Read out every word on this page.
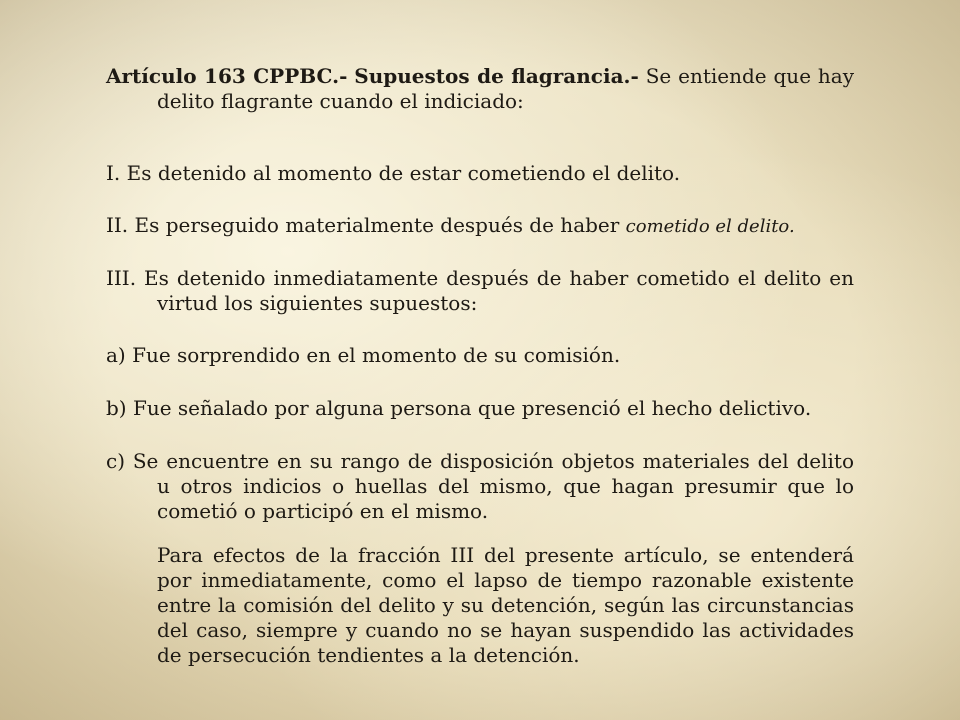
Artículo 163 CPPBC.- Supuestos de flagrancia.- Se entiende que hay delito flagrante cuando el indiciado:

I. Es detenido al momento de estar cometiendo el delito.

II. Es perseguido materialmente después de haber cometido el delito.

III. Es detenido inmediatamente después de haber cometido el delito en virtud los siguientes supuestos:

a) Fue sorprendido en el momento de su comisión.

b) Fue señalado por alguna persona que presenció el hecho delictivo.

c) Se encuentre en su rango de disposición objetos materiales del delito u otros indicios o huellas del mismo, que hagan presumir que lo cometió o participó en el mismo.

Para efectos de la fracción III del presente artículo, se entenderá por inmediatamente, como el lapso de tiempo razonable existente entre la comisión del delito y su detención, según las circunstancias del caso, siempre y cuando no se hayan suspendido las actividades de persecución tendientes a la detención.
